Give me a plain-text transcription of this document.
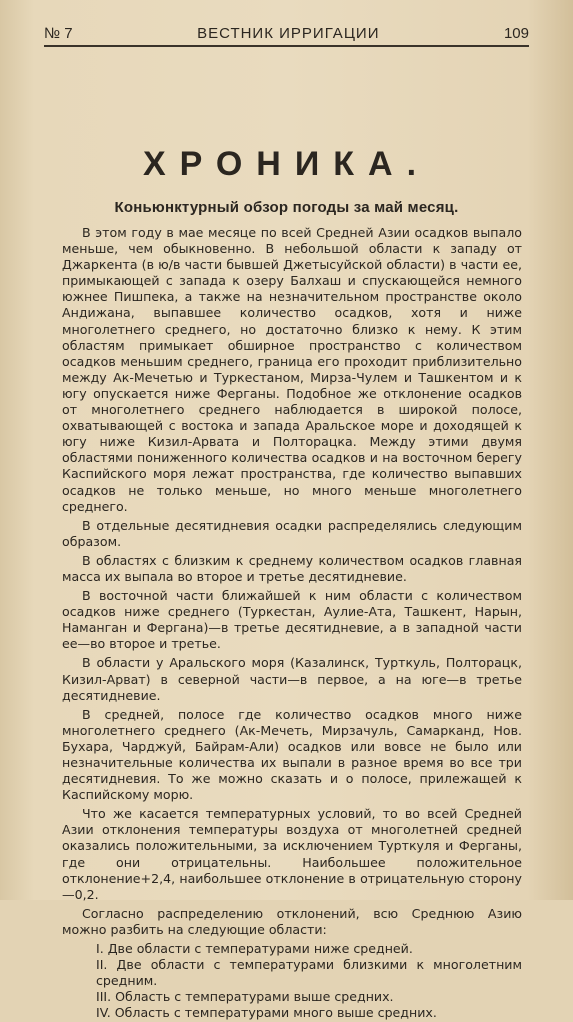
№ 7	ВЕСТНИК ИРРИГАЦИИ	109
ХРОНИКА.
Коньюнктурный обзор погоды за май месяц.

В этом году в мае месяце по всей Средней Азии осадков выпало меньше, чем обыкновенно. В небольшой области к западу от Джаркента (в ю/в части бывшей Джетысуйской области) в части ее, примыкающей с запада к озеру Балхаш и спускающейся немного южнее Пишпека, а также на незначительном пространстве около Андижана, выпавшее количество осадков, хотя и ниже многолетнего среднего, но достаточно близко к нему. К этим областям примыкает обширное пространство с количеством осадков меньшим среднего, граница его проходит приблизительно между Ак-Мечетью и Туркестаном, Мирза-Чулем и Ташкентом и к югу опускается ниже Ферганы. Подобное же отклонение осадков от многолетнего среднего наблюдается в широкой полосе, охватывающей с востока и запада Аральское море и доходящей к югу ниже Кизил-Арвата и Полторацка. Между этими двумя областями пониженного количества осадков и на восточном берегу Каспийского моря лежат пространства, где количество выпавших осадков не только меньше, но много меньше многолетнего среднего.

В отдельные десятидневия осадки распределялись следующим образом.

В областях с близким к среднему количеством осадков главная масса их выпала во второе и третье десятидневие.

В восточной части ближайшей к ним области с количеством осадков ниже среднего (Туркестан, Аулие-Ата, Ташкент, Нарын, Наманган и Фергана)—в третье десятидневие, а в западной части ее—во второе и третье.

В области у Аральского моря (Казалинск, Турткуль, Полторацк, Кизил-Арват) в северной части—в первое, а на юге—в третье десятидневие.

В средней, полосе где количество осадков много ниже многолетнего среднего (Ак-Мечеть, Мирзачуль, Самарканд, Нов. Бухара, Чарджуй, Байрам-Али) осадков или вовсе не было или незначительные количества их выпали в разное время во все три десятидневия. То же можно сказать и о полосе, прилежащей к Каспийскому морю.

Что же касается температурных условий, то во всей Средней Азии отклонения температуры воздуха от многолетней средней оказались положительными, за исключением Турткуля и Ферганы, где они отрицательны. Наибольшее положительное отклонение+2,4, наибольшее отклонение в отрицательную сторону—0,2.

Согласно распределению отклонений, всю Среднюю Азию можно разбить на следующие области:

I. Две области с температурами ниже средней.
II. Две области с температурами близкими к многолетним средним.
III. Область с температурами выше средних.
IV. Область с температурами много выше средних.
